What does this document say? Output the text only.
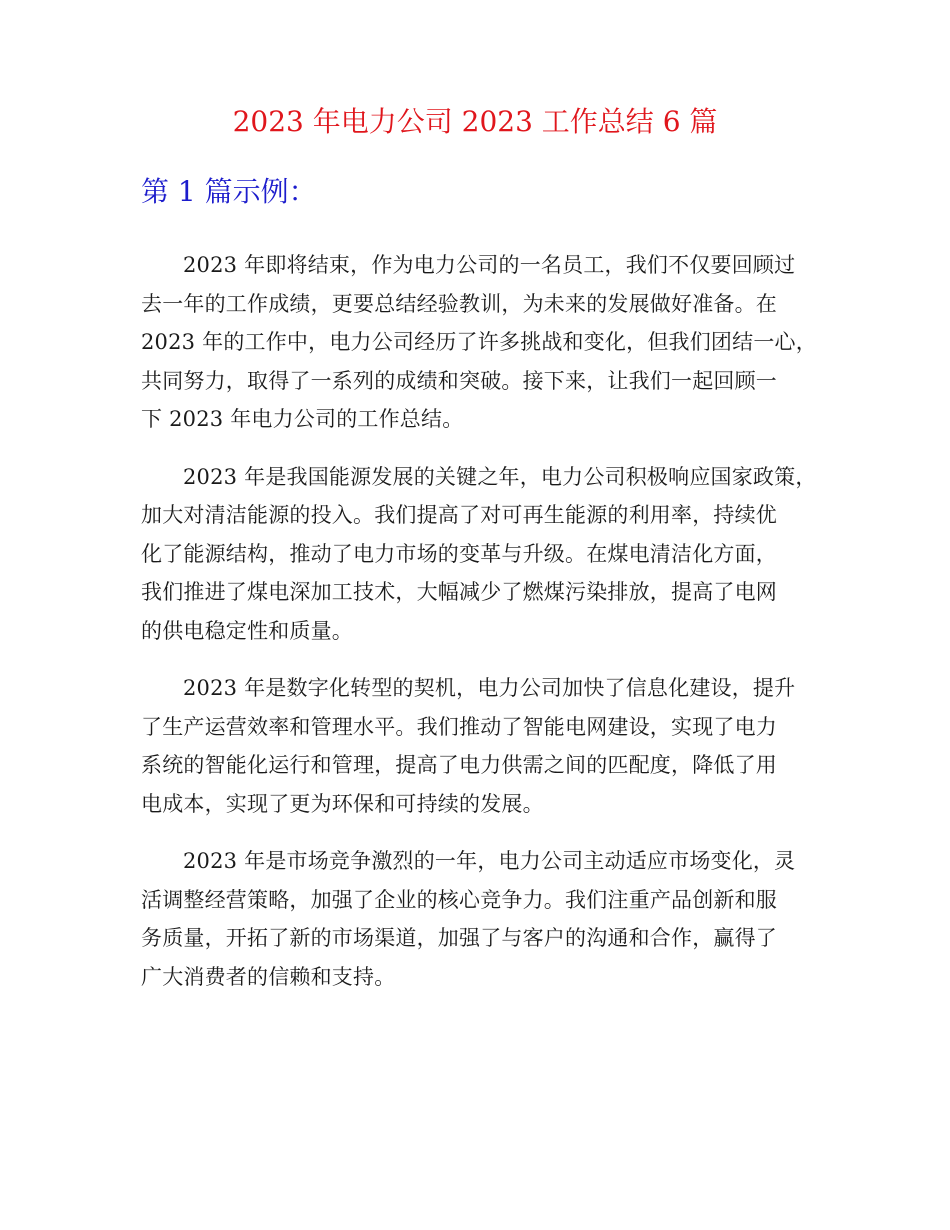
2023 年电力公司 2023 工作总结 6 篇
第 1 篇示例：

2023 年即将结束，作为电力公司的一名员工，我们不仅要回顾过
去一年的工作成绩，更要总结经验教训，为未来的发展做好准备。在
2023 年的工作中，电力公司经历了许多挑战和变化，但我们团结一心，
共同努力，取得了一系列的成绩和突破。接下来，让我们一起回顾一
下 2023 年电力公司的工作总结。

2023 年是我国能源发展的关键之年，电力公司积极响应国家政策，
加大对清洁能源的投入。我们提高了对可再生能源的利用率，持续优
化了能源结构，推动了电力市场的变革与升级。在煤电清洁化方面，
我们推进了煤电深加工技术，大幅减少了燃煤污染排放，提高了电网
的供电稳定性和质量。

2023 年是数字化转型的契机，电力公司加快了信息化建设，提升
了生产运营效率和管理水平。我们推动了智能电网建设，实现了电力
系统的智能化运行和管理，提高了电力供需之间的匹配度，降低了用
电成本，实现了更为环保和可持续的发展。

2023 年是市场竞争激烈的一年，电力公司主动适应市场变化，灵
活调整经营策略，加强了企业的核心竞争力。我们注重产品创新和服
务质量，开拓了新的市场渠道，加强了与客户的沟通和合作，赢得了
广大消费者的信赖和支持。
